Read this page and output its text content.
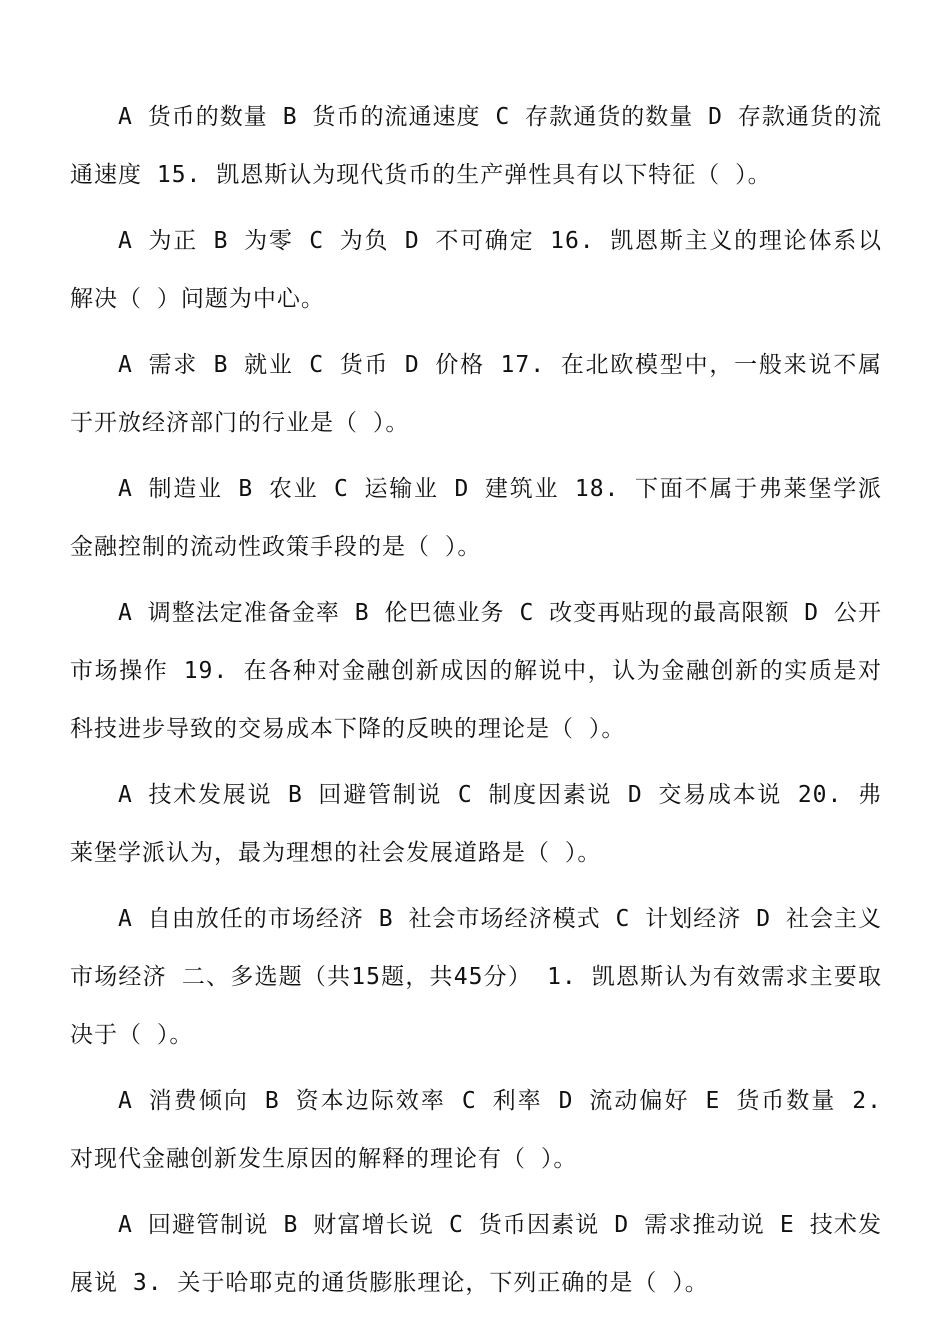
A 货币的数量 B 货币的流通速度 C 存款通货的数量 D 存款通货的流通速度 15. 凯恩斯认为现代货币的生产弹性具有以下特征（ ）。

A 为正 B 为零 C 为负 D 不可确定 16. 凯恩斯主义的理论体系以解决（ ）问题为中心。

A 需求 B 就业 C 货币 D 价格 17. 在北欧模型中，一般来说不属于开放经济部门的行业是（ ）。

A 制造业 B 农业 C 运输业 D 建筑业 18. 下面不属于弗莱堡学派金融控制的流动性政策手段的是（ ）。

A 调整法定准备金率 B 伦巴德业务 C 改变再贴现的最高限额 D 公开市场操作 19. 在各种对金融创新成因的解说中，认为金融创新的实质是对科技进步导致的交易成本下降的反映的理论是（ ）。

A 技术发展说 B 回避管制说 C 制度因素说 D 交易成本说 20. 弗莱堡学派认为，最为理想的社会发展道路是（ ）。

A 自由放任的市场经济 B 社会市场经济模式 C 计划经济 D 社会主义市场经济 二、多选题（共15题，共45分） 1. 凯恩斯认为有效需求主要取决于（ ）。

A 消费倾向 B 资本边际效率 C 利率 D 流动偏好 E 货币数量 2. 对现代金融创新发生原因的解释的理论有（ ）。

A 回避管制说 B 财富增长说 C 货币因素说 D 需求推动说 E 技术发展说 3. 关于哈耶克的通货膨胀理论，下列正确的是（ ）。
